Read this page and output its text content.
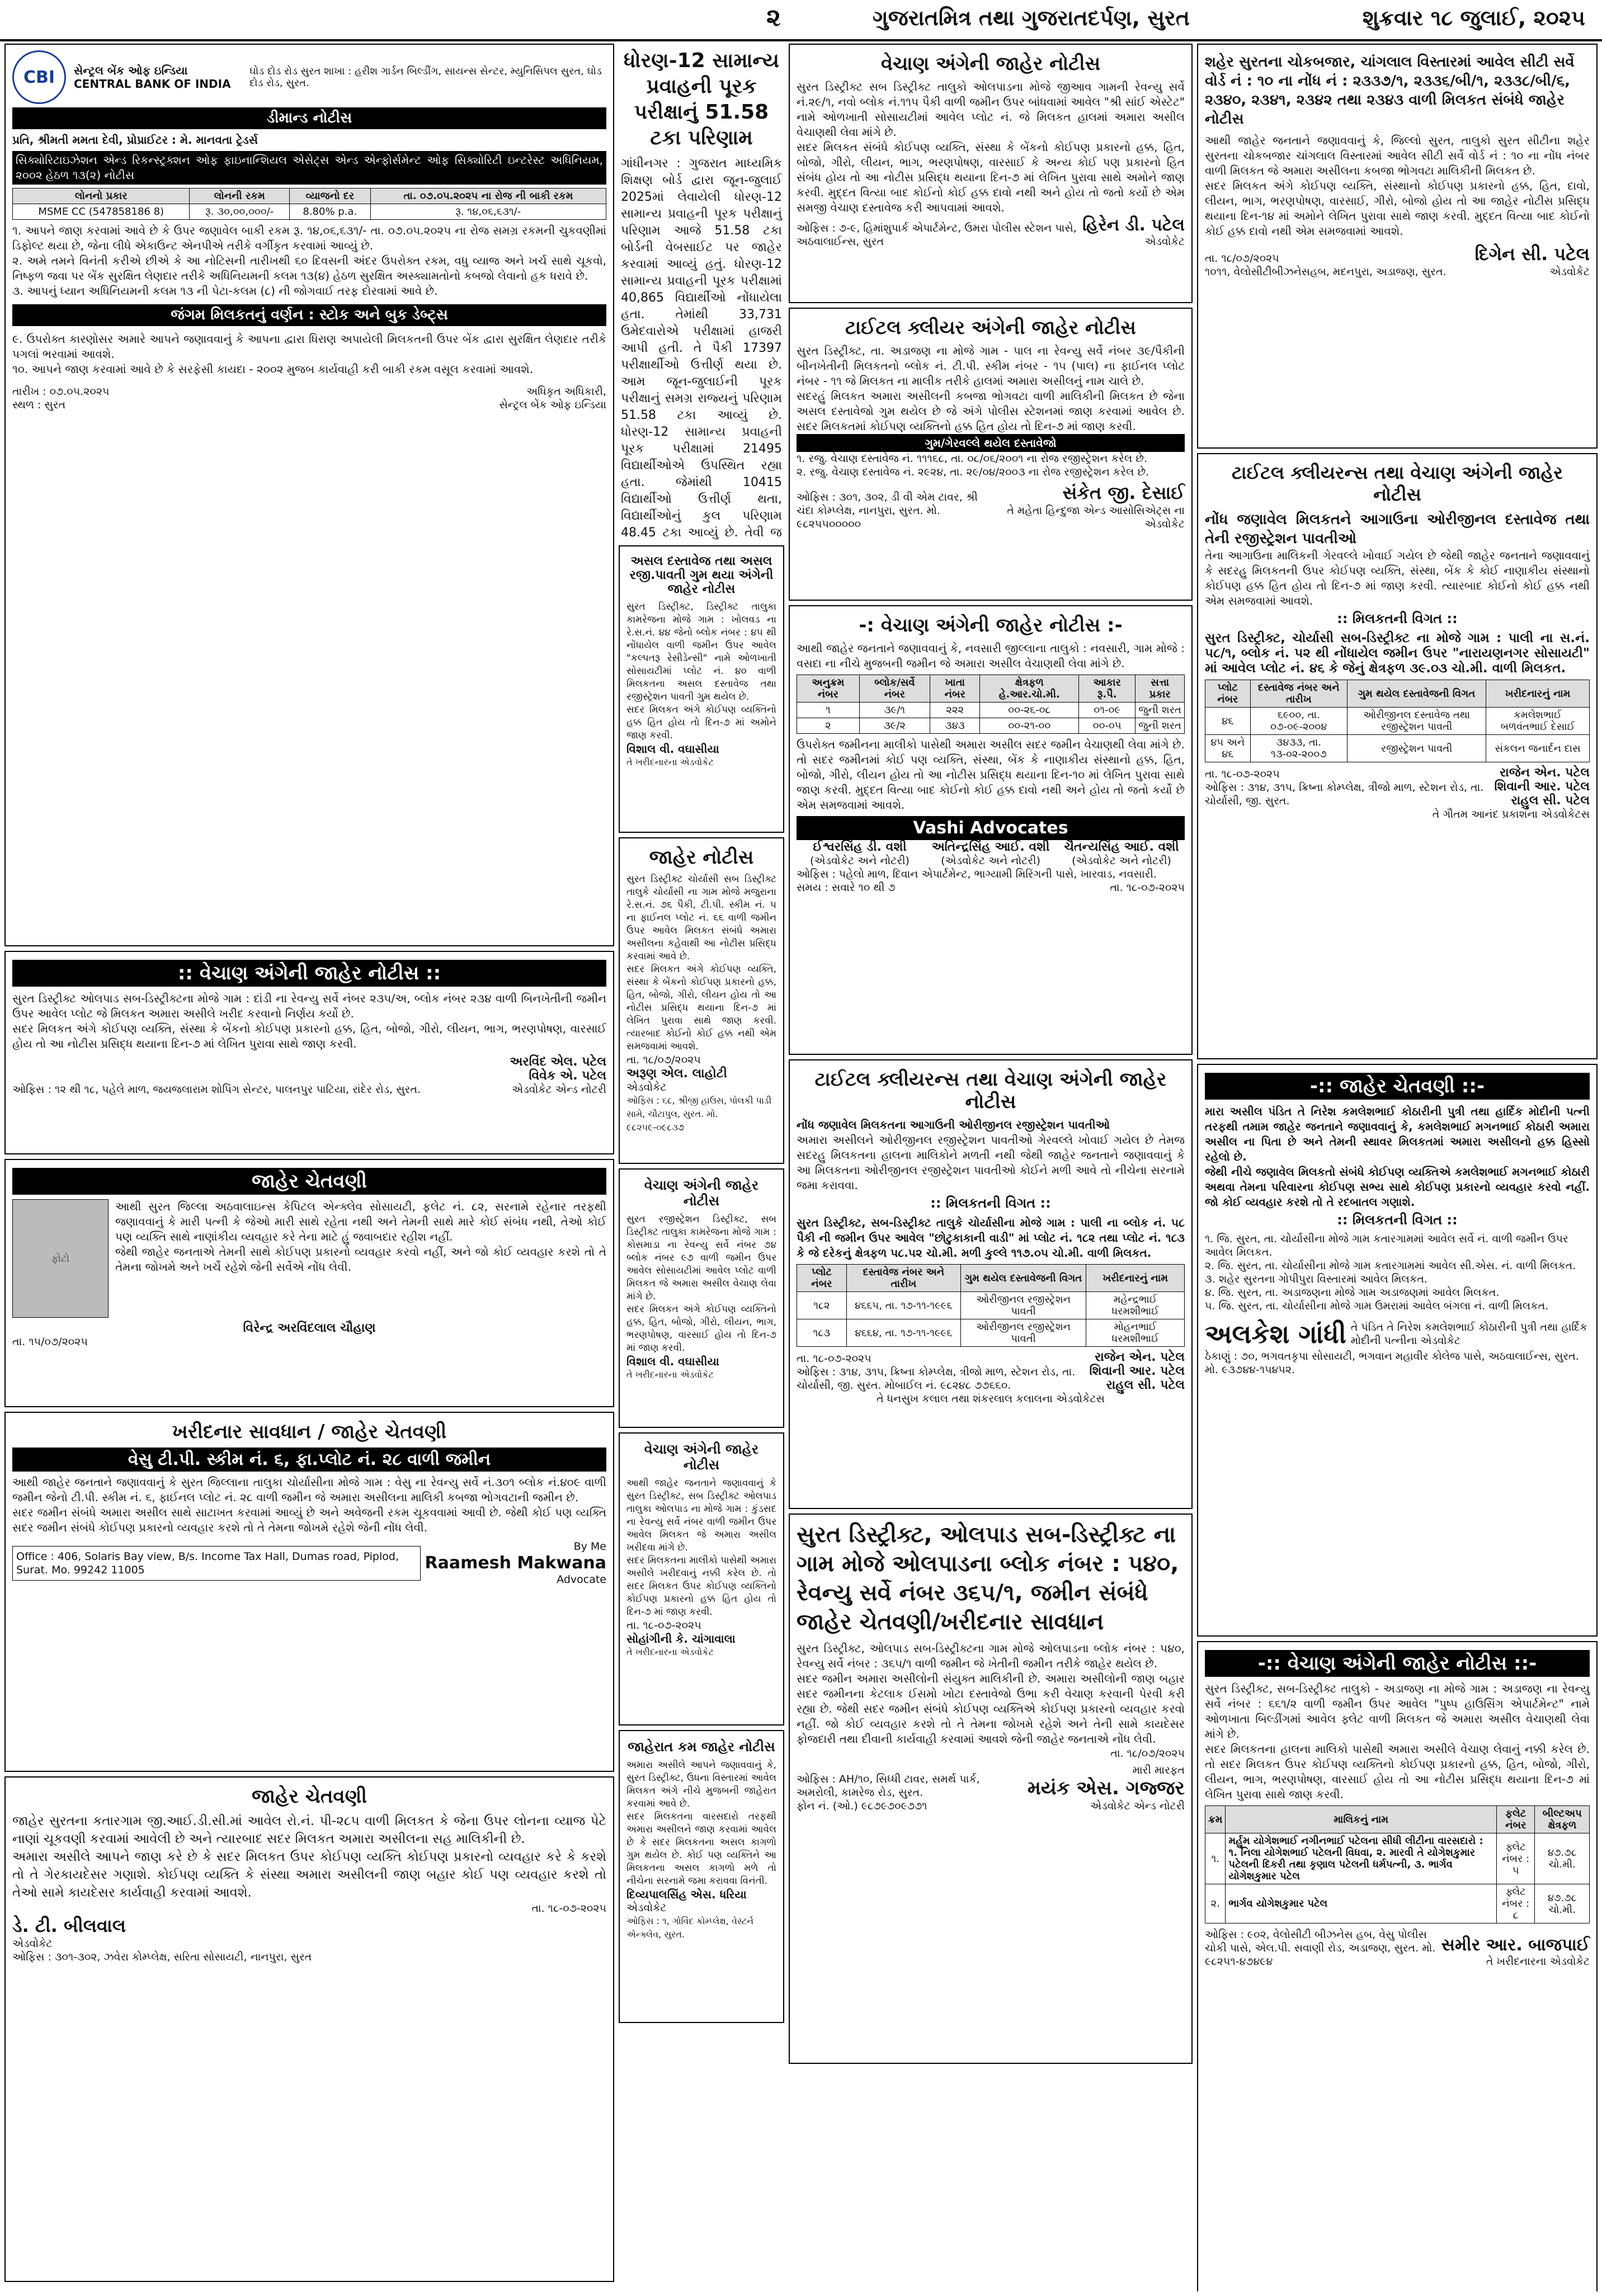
૨	ગુજરાતમિત્ર તથા ગુજરાતદર્પણ, સુરત	શુક્રવાર ૧૮ જુલાઈ, ૨૦૨૫
CBI	સેન્ટ્રલ બેંક ઓફ ઇન્ડિયા
CENTRAL BANK OF INDIA
ઘોડ દોડ રોડ સુરત શાખા : હરીશ ગાર્ડન બિલ્ડીંગ, સાયન્સ સેન્ટર, મ્યુનિસિપલ સુરત, ઘોડ દોડ રોડ, સુરત.
ડીમાન્ડ નોટીસ
પ્રતિ, શ્રીમતી મમતા દેવી, પ્રોપ્રાઈટર : મે. માનવતા ટ્રેડર્સ
સિક્યોરિટાઇઝેશન એન્ડ રિકન્સ્ટ્રક્શન ઓફ ફાઇનાન્શિયલ એસેટ્સ એન્ડ એન્ફોર્સમેન્ટ ઓફ સિક્યોરિટી ઇન્ટરેસ્ટ અધિનિયમ, ૨૦૦૨ હેઠળ ૧૩(૨) નોટીસ
લોનનો પ્રકાર	લોનની રકમ	વ્યાજનો દર	તા. ૦૭.૦૫.૨૦૨૫ ના રોજ ની બાકી રકમ
MSME CC (547858186 8)	રૂ. ૩૦,૦૦,૦૦૦/-	8.80% p.a.	રૂ. ૧૪,૦૬,૬૩૧/-
૧. આપને જાણ કરવામાં આવે છે કે ઉપર જણાવેલ બાકી રકમ રૂ. ૧૪,૦૬,૬૩૧/- તા. ૦૭.૦૫.૨૦૨૫ ના રોજ સમગ્ર રકમની ચુકવણીમાં ડિફોલ્ટ થયા છે, જેના લીધે એકાઉન્ટ એનપીએ તરીકે વર્ગીકૃત કરવામાં આવ્યું છે.
૨. અમે તમને વિનંતી કરીએ છીએ કે આ નોટિસની તારીખથી ૬૦ દિવસની અંદર ઉપરોક્ત રકમ, વધુ વ્યાજ અને ખર્ચ સાથે ચૂકવો, નિષ્ફળ જવા પર બેંક સુરક્ષિત લેણદાર તરીકે અધિનિયમની કલમ ૧૩(૪) હેઠળ સુરક્ષિત અસ્ક્યામતોનો કબજો લેવાનો હક ધરાવે છે.
૩. આપનું ધ્યાન અધિનિયમની કલમ ૧૩ ની પેટા-કલમ (૮) ની જોગવાઈ તરફ દોરવામાં આવે છે.
જંગમ મિલકતનું વર્ણન : સ્ટોક અને બુક ડેબ્ટ્સ
૯. ઉપરોક્ત કારણોસર અમારે આપને જણાવવાનું કે આપના દ્વારા ધિરાણ અપાયેલી મિલકતની ઉપર બેંક દ્વારા સુરક્ષિત લેણદાર તરીકે પગલાં ભરવામાં આવશે.
૧૦. આપને જાણ કરવામાં આવે છે કે સરફેસી કાયદા - ૨૦૦૨ મુજબ કાર્યવાહી કરી બાકી રકમ વસૂલ કરવામાં આવશે.
તારીખ : ૦૭.૦૫.૨૦૨૫
સ્થળ : સુરત
અધિકૃત અધિકારી,
સેન્ટ્રલ બેંક ઓફ ઇન્ડિયા
:: વેચાણ અંગેની જાહેર નોટીસ ::
સુરત ડિસ્ટ્રીક્ટ ઓલપાડ સબ-ડિસ્ટ્રીક્ટના મોજે ગામ : દાંડી ના રેવન્યુ સર્વે નંબર ૨૩૫/અ, બ્લોક નંબર ૨૩૪ વાળી બિનખેતીની જમીન ઉપર આવેલ પ્લોટ જે મિલકત અમારા અસીલે ખરીદ કરવાનો નિર્ણય કર્યો છે.
સદર મિલકત અંગે કોઈપણ વ્યક્તિ, સંસ્થા કે બેંકનો કોઈપણ પ્રકારનો હક્ક, હિત, બોજો, ગીરો, લીયન, ભાગ, ભરણપોષણ, વારસાઈ હોય તો આ નોટીસ પ્રસિદ્ધ થયાના દિન-૭ માં લેખિત પુરાવા સાથે જાણ કરવી.
ઓફિસ : ૧૨ થી ૧૮, પહેલે માળ, જયજલારામ શોપિંગ સેન્ટર, પાલનપુર પાટિયા, રાંદેર રોડ, સુરત.
અરવિંદ એલ. પટેલ
વિવેક એ. પટેલ
એડવોકેટ એન્ડ નોટરી
જાહેર ચેતવણી
ફોટો
આથી સુરત જિલ્લા અઠવાલાઇન્સ કેપિટલ એન્ક્લેવ સોસાયટી, ફલેટ નં. ૮૨, સરનામે રહેનાર તરફથી જણાવવાનું કે મારી પત્ની કે જેઓ મારી સાથે રહેતા નથી અને તેમની સાથે મારે કોઈ સંબંધ નથી, તેઓ કોઈ પણ વ્યક્તિ સાથે નાણાંકીય વ્યવહાર કરે તેના માટે હું જવાબદાર રહીશ નહીં.
જેથી જાહેર જનતાએ તેમની સાથે કોઈપણ પ્રકારનો વ્યવહાર કરવો નહીં, અને જો કોઈ વ્યવહાર કરશે તો તે તેમના જોખમે અને ખર્ચે રહેશે જેની સર્વેએ નોંધ લેવી.
વિરેન્દ્ર અરવિંદલાલ ચૌહાણ
તા. ૧૫/૦૭/૨૦૨૫
ખરીદનાર સાવધાન / જાહેર ચેતવણી
વેસુ ટી.પી. સ્કીમ નં. ૬, ફા.પ્લોટ નં. ૨૮ વાળી જમીન
આથી જાહેર જનતાને જણાવવાનું કે સુરત જિલ્લાના તાલુકા ચોર્યાસીના મોજે ગામ : વેસુ ના રેવન્યુ સર્વે નં.૩૦૧ બ્લોક નં.૪૦૯ વાળી જમીન જેનો ટી.પી. સ્કીમ નં. ૬, ફાઈનલ પ્લોટ નં. ૨૮ વાળી જમીન જે અમારા અસીલના માલિકી કબજા ભોગવટાની જમીન છે.
સદર જમીન સંબંધે અમારા અસીલ સાથે સાટાખત કરવામાં આવ્યું છે અને અવેજની રકમ ચૂકવવામાં આવી છે. જેથી કોઈ પણ વ્યક્તિ સદર જમીન સંબંધે કોઈપણ પ્રકારનો વ્યવહાર કરશે તો તે તેમના જોખમે રહેશે જેની નોંધ લેવી.
Office : 406, Solaris Bay view, B/s. Income Tax Hall, Dumas road, Piplod, Surat. Mo. 99242 11005
By Me
Raamesh Makwana
Advocate
જાહેર ચેતવણી
જાહેર સુરતના કતારગામ જી.આઈ.ડી.સી.માં આવેલ રો.નં. પી-૨૮૫ વાળી મિલકત કે જેના ઉપર લોનના વ્યાજ પેટે નાણાં ચૂકવણી કરવામાં આવેલી છે અને ત્યારબાદ સદર મિલકત અમારા અસીલના સહ માલિકીની છે.
અમારા અસીલે આપને જાણ કરે છે કે સદર મિલકત ઉપર કોઈપણ વ્યક્તિ કોઈપણ પ્રકારનો વ્યવહાર કરે કે કરશે તો તે ગેરકાયદેસર ગણાશે. કોઈપણ વ્યક્તિ કે સંસ્થા અમારા અસીલની જાણ બહાર કોઈ પણ વ્યવહાર કરશે તો તેઓ સામે કાયદેસર કાર્યવાહી કરવામાં આવશે.
તા. ૧૮-૦૭-૨૦૨૫
ડે. ટી. બીલવાલ
એડવોકેટ
ઓફિસ : ૩૦૧-૩૦૨, ઝવેરા કોમ્પ્લેક્ષ, સરિતા સોસાયટી, નાનપુરા, સુરત
ધોરણ-12 સામાન્ય પ્રવાહની પૂરક પરીક્ષાનું 51.58 ટકા પરિણામ
ગાંધીનગર : ગુજરાત માધ્યમિક શિક્ષણ બોર્ડ દ્વારા જૂન-જુલાઈ 2025માં લેવાયેલી ધોરણ-12 સામાન્ય પ્રવાહની પૂરક પરીક્ષાનું પરિણામ આજે 51.58 ટકા બોર્ડની વેબસાઈટ પર જાહેર કરવામાં આવ્યું હતું. ધોરણ-12 સામાન્ય પ્રવાહની પૂરક પરીક્ષામાં 40,865 વિદ્યાર્થીઓ નોંધાયેલા હતા. તેમાંથી 33,731 ઉમેદવારોએ પરીક્ષામાં હાજરી આપી હતી. તે પૈકી 17397 પરીક્ષાર્થીઓ ઉત્તીર્ણ થયા છે. આમ જૂન-જુલાઈની પૂરક પરીક્ષાનું સમગ્ર રાજ્યનું પરિણામ 51.58 ટકા આવ્યું છે. ધોરણ-12 સામાન્ય પ્રવાહની પૂરક પરીક્ષામાં 21495 વિદ્યાર્થીઓએ ઉપસ્થિત રહ્યા હતા. જેમાંથી 10415 વિદ્યાર્થીઓ ઉત્તીર્ણ થતા, વિદ્યાર્થીઓનું કુલ પરિણામ 48.45 ટકા આવ્યું છે. તેવી જ
અસલ દસ્તાવેજ તથા અસલ રજી.પાવતી ગુમ થયા અંગેની જાહેર નોટીસ
સુરત ડિસ્ટ્રીક્ટ, ડિસ્ટ્રીક્ટ તાલુકા કામરેજના મોજે ગામ : ખોલવડ ના રે.સ.નં. ૪૪ જેનો બ્લોક નંબર : ૪૫ થી નોંધાયેલ વાળી જમીન ઉપર આવેલ "કલ્પતરૂ રેસીડેન્સી" નામે ઓળખાતી સોસાયટીમાં પ્લોટ નં. ૪૦ વાળી મિલકતના અસલ દસ્તાવેજ તથા રજીસ્ટ્રેશન પાવતી ગુમ થયેલ છે.
સદર મિલકત અંગે કોઈપણ વ્યક્તિનો હક્ક હિત હોય તો દિન-૭ માં અમોને જાણ કરવી.
વિશાલ વી. વઘાસીયા
તે ખરીદનારના એડવોકેટ
જાહેર નોટીસ
સુરત ડિસ્ટ્રીક્ટ ચોર્યાસી સબ ડિસ્ટ્રીક્ટ તાલુકે ચોર્યાસી ના ગામ મોજે મજુરાના રે.સ.નં. ૭૬ પૈકી, ટી.પી. સ્કીમ નં. ૫ ના ફાઈનલ પ્લોટ નં. ૬૬ વાળી જમીન ઉપર આવેલ મિલકત સંબંધે અમારા અસીલના કહેવાથી આ નોટીસ પ્રસિદ્ધ કરવામાં આવે છે.
સદર મિલકત અંગે કોઈપણ વ્યક્તિ, સંસ્થા કે બેંકનો કોઈપણ પ્રકારનો હક્ક, હિત, બોજો, ગીરો, લીયન હોય તો આ નોટીસ પ્રસિદ્ધ થયાના દિન-૭ માં લેખિત પુરાવા સાથે જાણ કરવી. ત્યારબાદ કોઈનો કોઈ હક્ક નથી એમ સમજવામાં આવશે.
તા. ૧૮/૦૭/૨૦૨૫
અરૂણ એલ. લાહોટી
એડવોકેટ
ઓફિસ : ૬૮, શ્રીજી હાઉસ, પોલકી પાડી સામે, ચૌટાપુલ, સુરત. મો. ૯૮૨૫૯-૦૯૮૩૭
વેચાણ અંગેની જાહેર નોટીસ
સુરત રજીસ્ટ્રેશન ડિસ્ટ્રીક્ટ, સબ ડિસ્ટ્રીક્ટ તાલુકા કામરેજના મોજે ગામ : કોસમાડા ના રેવન્યુ સર્વે નંબર ૭૪ બ્લોક નંબર ૯૭ વાળી જમીન ઉપર આવેલ સોસાયટીમાં આવેલ પ્લોટ વાળી મિલકત જે અમારા અસીલ વેચાણ લેવા માંગે છે.
સદર મિલકત અંગે કોઈપણ વ્યક્તિનો હક્ક, હિત, બોજો, ગીરો, લીયન, ભાગ, ભરણપોષણ, વારસાઈ હોય તો દિન-૭ માં જાણ કરવી.
વિશાલ વી. વઘાસીયા
તે ખરીદનારના એડવોકેટ
વેચાણ અંગેની જાહેર નોટીસ
આથી જાહેર જનતાને જણાવવાનું કે સુરત ડિસ્ટ્રીક્ટ, સબ ડિસ્ટ્રીક્ટ ઓલપાડ તાલુકા ઓલપાડ ના મોજે ગામ : કુંડસદ ના રેવન્યુ સર્વે નંબર વાળી જમીન ઉપર આવેલ મિલકત જે અમારા અસીલ ખરીદવા માંગે છે.
સદર મિલકતના માલીકો પાસેથી અમારા અસીલે ખરીદવાનું નક્કી કરેલ છે. તો સદર મિલકત ઉપર કોઈપણ વ્યક્તિનો કોઈપણ પ્રકારનો હક્ક હિત હોય તો દિન-૭ માં જાણ કરવી.
તા. ૧૮-૦૭-૨૦૨૫
સોહાંગીની કે. ચાંગાવાલા
તે ખરીદનારના એડવોકેટ
જાહેરાત કમ જાહેર નોટીસ
અમારા અસીલે આપને જણાવવાનું કે, સુરત ડિસ્ટ્રીક્ટ, ઉધના વિસ્તારમાં આવેલ મિલકત અંગે નીચે મુજબની જાહેરાત કરવામાં આવે છે.
સદર મિલકતના વારસદારો તરફથી અમારા અસીલને જાણ કરવામાં આવેલ છે કે સદર મિલકતના અસલ કાગળો ગુમ થયેલ છે. કોઈ પણ વ્યક્તિને આ મિલકતના અસલ કાગળો મળે તો નીચેના સરનામે જમા કરાવવા વિનંતી.
દિવ્યપાલસિંહ એસ. ધરિયા
એડવોકેટ
ઓફિસ : ૧, ગોવિંદ કોમ્પ્લેક્ષ, વેસ્ટર્ન એન્ક્લેવ, સુરત.
વેચાણ અંગેની જાહેર નોટીસ
સુરત ડિસ્ટ્રીક્ટ સબ ડિસ્ટ્રીક્ટ તાલુકો ઓલપાડના મોજે જીઆવ ગામની રેવન્યુ સર્વે નં.૨૯/૧, નવો બ્લોક નં.૧૧૫ પૈકી વાળી જમીન ઉપર બાંધવામાં આવેલ "શ્રી સાંઈ એસ્ટેટ" નામે ઓળખાતી સોસાયટીમાં આવેલ પ્લોટ નં. જે મિલકત હાલમાં અમારા અસીલ વેચાણથી લેવા માંગે છે.
સદર મિલકત સંબંધે કોઈપણ વ્યક્તિ, સંસ્થા કે બેંકનો કોઈપણ પ્રકારનો હક્ક, હિત, બોજો, ગીરો, લીયન, ભાગ, ભરણપોષણ, વારસાઈ કે અન્ય કોઈ પણ પ્રકારનો હિત સંબંધ હોય તો આ નોટીસ પ્રસિદ્ધ થયાના દિન-૭ માં લેખિત પુરાવા સાથે અમોને જાણ કરવી. મુદ્દત વિત્યા બાદ કોઈનો કોઈ હક્ક દાવો નથી અને હોય તો જતો કર્યો છે એમ સમજી વેચાણ દસ્તાવેજ કરી આપવામાં આવશે.
ઓફિસ : ૭-૯, હિમાંશુપાર્ક એપાર્ટમેન્ટ, ઉમરા પોલીસ સ્ટેશન પાસે, અઠવાલાઈન્સ, સુરત
હિરેન ડી. પટેલ
એડવોકેટ
ટાઈટલ ક્લીયર અંગેની જાહેર નોટીસ
સુરત ડિસ્ટ્રીક્ટ, તા. અડાજણ ના મોજે ગામ - પાલ ના રેવન્યુ સર્વે નંબર ૩૯/પૈકીની બીનખેતીની મિલકતનો બ્લોક નં. ટી.પી. સ્કીમ નંબર - ૧૫ (પાલ) ના ફાઈનલ પ્લોટ નંબર - ૧૧ જે મિલકત ના માલીક તરીકે હાલમાં અમારા અસીલનું નામ ચાલે છે.
સદરહું મિલકત અમારા અસીલની કબજા ભોગવટા વાળી માલિકીની મિલકત છે જેના અસલ દસ્તાવેજો ગુમ થયેલ છે જે અંગે પોલીસ સ્ટેશનમાં જાણ કરવામાં આવેલ છે. સદર મિલકતમાં કોઈપણ વ્યક્તિનો હક્ક હિત હોય તો દિન-૭ માં જાણ કરવી.
ગુમ/ગેરવલ્લે થયેલ દસ્તાવેજો
૧. રજુ. વેચાણ દસ્તાવેજ નં. ૧૧૧૬૮, તા. ૦૮/૦૬/૨૦૦૧ ના રોજ રજીસ્ટ્રેશન કરેલ છે.
૨. રજુ. વેચાણ દસ્તાવેજ નં. ૨૯૨૪, તા. ૨૯/૦૪/૨૦૦૩ ના રોજ રજીસ્ટ્રેશન કરેલ છે.
ઓફિસ : ૩૦૧, ૩૦૨, ડી વી એમ ટાવર, શ્રી ચંદા કોમ્પ્લેક્ષ, નાનપુરા, સુરત. મો. ૯૮૨૫૫૦૦૦૦૦
સંકેત જી. દેસાઈ
તે મહેતા હિન્દુજા એન્ડ આસોસિએટ્સ ના એડવોકેટ
-: વેચાણ અંગેની જાહેર નોટીસ :-
આથી જાહેર જનતાને જણાવવાનું કે, નવસારી જીલ્લાના તાલુકો : નવસારી, ગામ મોજે : વસદા ના નીચે મુજબની જમીન જે અમારા અસીલ વેચાણથી લેવા માંગે છે.
અનુક્રમ નંબર	બ્લોક/સર્વે નંબર	ખાતા નંબર	ક્ષેત્રફળ હે.આર.ચો.મી.	આકાર રૂ.પૈ.	સત્તા પ્રકાર
૧	૩૯/૧	૨૨૨	૦૦-૨૬-૦૮	૦૧-૦૯	જુની શરત
૨	૩૯/૨	૩૪૩	૦૦-૨૧-૦૦	૦૦-૦૫	જુની શરત
ઉપરોક્ત જમીનના માલીકો પાસેથી અમારા અસીલ સદર જમીન વેચાણથી લેવા માંગે છે. તો સદર જમીનમાં કોઈ પણ વ્યક્તિ, સંસ્થા, બેંક કે નાણાકીય સંસ્થાનો હક્ક, હિત, બોજો, ગીરો, લીયન હોય તો આ નોટીસ પ્રસિદ્ધ થયાના દિન-૧૦ માં લેખિત પુરાવા સાથે જાણ કરવી. મુદ્દત વિત્યા બાદ કોઈનો કોઈ હક્ક દાવો નથી અને હોય તો જતો કર્યો છે એમ સમજવામાં આવશે.
Vashi Advocates
ઈશ્વરસિંહ ડી. વશી
(એડવોકેટ અને નોટરી)
અતિન્દ્રસિંહ આઈ. વશી
(એડવોકેટ અને નોટરી)
ચૈતન્યસિંહ આઈ. વશી
(એડવોકેટ અને નોટરી)
ઓફિસ : પહેલો માળ, દિવાન એપાર્ટમેન્ટ, ભાગ્યામી મિરિંગની પાસે, ખારવાડ, નવસારી.
સમય : સવારે ૧૦ થી ૭	તા. ૧૮-૦૭-૨૦૨૫
ટાઈટલ ક્લીયરન્સ તથા વેચાણ અંગેની જાહેર નોટીસ
નોંધ જણાવેલ મિલકતના આગાઉની ઓરીજીનલ રજીસ્ટ્રેશન પાવતીઓ
અમારા અસીલને ઓરીજીનલ રજીસ્ટ્રેશન પાવતીઓ ગેરવલ્લે ખોવાઈ ગયેલ છે તેમજ સદરહુ મિલકતના હાલના માલિકોને મળતી નથી જેથી જાહેર જનતાને જણાવવાનું કે આ મિલકતના ઓરીજીનલ રજીસ્ટ્રેશન પાવતીઓ કોઈને મળી આવે તો નીચેના સરનામે જમા કરાવવા.
:: મિલકતની વિગત ::
સુરત ડિસ્ટ્રીક્ટ, સબ-ડિસ્ટ્રીક્ટ તાલુકે ચોર્યાસીના મોજે ગામ : પાલી ના બ્લોક નં. ૫૮ પૈકી ની જમીન ઉપર આવેલ "છોટુકાકાની વાડી" માં પ્લોટ નં. ૧૮૨ તથા પ્લોટ નં. ૧૮૩ કે જે દરેકનું ક્ષેત્રફળ ૫૮.૫૨ ચો.મી. મળી કુલ્લે ૧૧૭.૦૫ ચો.મી. વાળી મિલકત.
પ્લોટ નંબર	દસ્તાવેજ નંબર અને તારીખ	ગુમ થયેલ દસ્તાવેજની વિગત	ખરીદનારનું નામ
૧૮૨	૪૬૬૫, તા. ૧૭-૧૧-૧૯૯૬	ઓરીજીનલ રજીસ્ટ્રેશન પાવતી	મહેન્દ્રભાઈ ધરમશીભાઈ
૧૮૩	૪૬૬૪, તા. ૧૭-૧૧-૧૯૯૬	ઓરીજીનલ રજીસ્ટ્રેશન પાવતી	મોહનભાઈ ધરમશીભાઈ
તા. ૧૮-૦૭-૨૦૨૫
ઓફિસ : ૩૧૪, ૩૧૫, ક્રિષ્ના કોમ્પ્લેક્ષ, ત્રીજો માળ, સ્ટેશન રોડ, તા. ચોર્યાસી, જી. સુરત. મોબાઈલ નં. ૯૮૨૪૮ ૭૭૬૬૦.
રાજેન એન. પટેલ
શિવાની આર. પટેલ
રાહુલ સી. પટેલ
તે ધનસુખ કલાલ તથા શંકરલાલ કલાલના એડવોકેટસ
સુરત ડિસ્ટ્રીક્ટ, ઓલપાડ સબ-ડિસ્ટ્રીક્ટ ના ગામ મોજે ઓલપાડના બ્લોક નંબર : ૫૪૦, રેવન્યુ સર્વે નંબર ૩૬૫/૧, જમીન સંબંધે જાહેર ચેતવણી/ખરીદનાર સાવધાન
સુરત ડિસ્ટ્રીક્ટ, ઓલપાડ સબ-ડિસ્ટ્રીક્ટના ગામ મોજે ઓલપાડના બ્લોક નંબર : ૫૪૦, રેવન્યુ સર્વે નંબર : ૩૬૫/૧ વાળી જમીન જે ખેતીની જમીન તરીકે જાહેર થયેલ છે.
સદર જમીન અમારા અસીલોની સંયુક્ત માલિકીની છે. અમારા અસીલોની જાણ બહાર સદર જમીનના કેટલાક ઈસમો ખોટા દસ્તાવેજો ઉભા કરી વેચાણ કરવાની પેરવી કરી રહ્યા છે. જેથી સદર જમીન સંબંધે કોઈપણ વ્યક્તિએ કોઈપણ પ્રકારનો વ્યવહાર કરવો નહીં. જો કોઈ વ્યવહાર કરશે તો તે તેમના જોખમે રહેશે અને તેની સામે કાયદેસર ફોજદારી તથા દીવાની કાર્યવાહી કરવામાં આવશે જેની જાહેર જનતાએ નોંધ લેવી.
તા. ૧૮/૦૭/૨૦૨૫
ઓફિસ : AH/૧૦, સિધ્ધી ટાવર, સમર્થ પાર્ક, અમરોલી, કામરેજ રોડ, સુરત.
ફોન નં. (ઓ.) ૯૮૭૯૭૦૯૭૭૧
મારી મારફત
મયંક એસ. ગજ્જર
એડવોકેટ એન્ડ નોટરી
શહેર સુરતના ચોકબજાર, ચાંગલાલ વિસ્તારમાં આવેલ સીટી સર્વે વોર્ડ નં : ૧૦ ના નોંધ નં : ૨૩૩૭/૧, ૨૩૩૬/બી/૧, ૨૩૩૮/બી/૬, ૨૩૪૦, ૨૩૪૧, ૨૩૪૨ તથા ૨૩૪૩ વાળી મિલકત સંબંધે જાહેર નોટીસ
આથી જાહેર જનતાને જણાવવાનું કે, જિલ્લો સુરત, તાલુકો સુરત સીટીના શહેર સુરતના ચોકબજાર ચાંગલાલ વિસ્તારમાં આવેલ સીટી સર્વે વોર્ડ નં : ૧૦ ના નોંધ નંબર વાળી મિલકત જે અમારા અસીલના કબજા ભોગવટા માલિકીની મિલકત છે.
સદર મિલકત અંગે કોઈપણ વ્યક્તિ, સંસ્થાનો કોઈપણ પ્રકારનો હક્ક, હિત, દાવો, લીયન, ભાગ, ભરણપોષણ, વારસાઈ, ગીરો, બોજો હોય તો આ જાહેર નોટીસ પ્રસિદ્ધ થયાના દિન-૧૪ માં અમોને લેખિત પુરાવા સાથે જાણ કરવી. મુદ્દત વિત્યા બાદ કોઈનો કોઈ હક્ક દાવો નથી એમ સમજવામાં આવશે.
તા. ૧૮/૦૭/૨૦૨૫
૧૦૧૧, વેલોસીટીબીઝનેસહબ, મદનપુરા, અડાજણ, સુરત.
દિગેન સી. પટેલ
એડવોકેટ
ટાઈટલ ક્લીયરન્સ તથા વેચાણ અંગેની જાહેર નોટીસ
નોંધ જણાવેલ મિલકતને આગાઉના ઓરીજીનલ દસ્તાવેજ તથા તેની રજીસ્ટ્રેશન પાવતીઓ
તેના આગાઉના માલિકની ગેરવલ્લે ખોવાઈ ગયેલ છે જેથી જાહેર જનતાને જણાવવાનું કે સદરહુ મિલકતની ઉપર કોઈપણ વ્યક્તિ, સંસ્થા, બેંક કે કોઈ નાણાકીય સંસ્થાનો કોઈપણ હક્ક હિત હોય તો દિન-૭ માં જાણ કરવી. ત્યારબાદ કોઈનો કોઈ હક્ક નથી એમ સમજવામાં આવશે.
:: મિલકતની વિગત ::
સુરત ડિસ્ટ્રીક્ટ, ચોર્યાસી સબ-ડિસ્ટ્રીક્ટ ના મોજે ગામ : પાલી ના સ.નં. ૫૮/૧, બ્લોક નં. ૫૨ થી નોંધાયેલ જમીન ઉપર "નારાયણનગર સોસાયટી" માં આવેલ પ્લોટ નં. ૪૬ કે જેનું ક્ષેત્રફળ ૩૯.૦૩ ચો.મી. વાળી મિલકત.
પ્લોટ નંબર	દસ્તાવેજ નંબર અને તારીખ	ગુમ થયેલ દસ્તાવેજની વિગત	ખરીદનારનું નામ
૪૬	૬૯૦૦, તા. ૦૭-૦૯-૨૦૦૪	ઓરીજીનલ દસ્તાવેજ તથા રજીસ્ટ્રેશન પાવતી	કમલેશભાઈ બળવંતભાઈ દેસાઈ
૪૫ અને ૪૬	૩૪૩૩, તા. ૧૩-૦૨-૨૦૦૭	રજીસ્ટ્રેશન પાવતી	સંકલન જનાર્દન દાસ
તા. ૧૮-૦૭-૨૦૨૫
ઓફિસ : ૩૧૪, ૩૧૫, ક્રિષ્ના કોમ્પ્લેક્ષ, ત્રીજો માળ, સ્ટેશન રોડ, તા. ચોર્યાસી, જી. સુરત.
રાજેન એન. પટેલ
શિવાની આર. પટેલ
રાહુલ સી. પટેલ
તે ગૌતમ આનંદ પ્રકાશના એડવોકેટસ
-:: જાહેર ચેતવણી ::-
મારા અસીલ પંડિત તે નિરેશ કમલેશભાઈ કોઠારીની પુત્રી તથા હાર્દિક મોદીની પત્ની તરફથી તમામ જાહેર જનતાને જણાવવાનું કે, કમલેશભાઈ મગનભાઈ કોઠારી અમારા અસીલ ના પિતા છે અને તેમની સ્થાવર મિલકતમાં અમારા અસીલનો હક્ક હિસ્સો રહેલો છે.
જેથી નીચે જણાવેલ મિલકતો સંબંધે કોઈપણ વ્યક્તિએ કમલેશભાઈ મગનભાઈ કોઠારી અથવા તેમના પરિવારના કોઈપણ સભ્ય સાથે કોઈપણ પ્રકારનો વ્યવહાર કરવો નહીં. જો કોઈ વ્યવહાર કરશે તો તે રદબાતલ ગણાશે.
:: મિલકતની વિગત ::
૧. જિ. સુરત, તા. ચોર્યાસીના મોજે ગામ કતારગામમાં આવેલ સર્વે નં. વાળી જમીન ઉપર આવેલ મિલકત.
૨. જિ. સુરત, તા. ચોર્યાસીના મોજે ગામ કતારગામમાં આવેલ સી.એસ. નં. વાળી મિલકત.
૩. શહેર સુરતના ગોપીપુરા વિસ્તારમાં આવેલ મિલકત.
૪. જિ. સુરત, તા. અડાજણના મોજે ગામ અડાજણમાં આવેલ મિલકત.
૫. જિ. સુરત, તા. ચોર્યાસીના મોજે ગામ ઉમરામાં આવેલ બંગલા નં. વાળી મિલકત.
અલકેશ ગાંધી તે પંડિત તે નિરેશ કમલેશભાઈ કોઠારીની પુત્રી તથા હાર્દિક મોદીની પત્નીના એડવોકેટ
ઠેકાણું : ૭૦, ભગવતકૃપા સોસાયટી, ભગવાન મહાવીર કોલેજ પાસે, અઠવાલાઈન્સ, સુરત. મો. ૯૩૭૪૪-૧૫૪૫૨.
-:: વેચાણ અંગેની જાહેર નોટીસ ::-
સુરત ડિસ્ટ્રીક્ટ, સબ-ડિસ્ટ્રીક્ટ તાલુકો - અડાજણ ના મોજે ગામ : અડાજણ ના રેવન્યુ સર્વે નંબર : ૬૬૧/૨ વાળી જમીન ઉપર આવેલ "પુષ્પ હાઉસિંગ એપાર્ટમેન્ટ" નામે ઓળખાતા બિલ્ડીંગમાં આવેલ ફ્લેટ વાળી મિલકત જે અમારા અસીલ વેચાણથી લેવા માંગે છે.
સદર મિલકતના હાલના માલિકો પાસેથી અમારા અસીલે વેચાણ લેવાનું નક્કી કરેલ છે. તો સદર મિલકત ઉપર કોઈપણ વ્યક્તિનો કોઈપણ પ્રકારનો હક્ક, હિત, બોજો, ગીરો, લીયન, ભાગ, ભરણપોષણ, વારસાઈ હોય તો આ નોટીસ પ્રસિદ્ધ થયાના દિન-૭ માં લેખિત પુરાવા સાથે જાણ કરવી.
ક્રમ	માલિકનું નામ	ફલેટ નંબર	બીલ્ટઅપ ક્ષેત્રફળ
૧.	મર્હુમ યોગેશભાઈ નગીનભાઈ પટેલના સીધી લીટીના વારસદારો : ૧. નિલા યોગેશભાઈ પટેલની વિધવા, ૨. મારવી તે યોગેશકુમાર પટેલની દિકરી તથા કૃણાલ પટેલની ધર્મપત્ની, ૩. ભાર્ગવ યોગેશકુમાર પટેલ	ફ્લેટ નંબર : ૫	૪૭.૭૮ ચો.મી.
૨.	ભાર્ગવ યોગેશકુમાર પટેલ	ફ્લેટ નંબર : ૮	૪૭.૭૮ ચો.મી.
ઓફિસ : ૯૦૨, વેલોસીટી બીઝનેસ હબ, વેસુ પોલીસ ચોકી પાસે, એલ.પી. સવાણી રોડ, અડાજણ, સુરત. મો. ૯૮૨૫૧-૪૭૪૯૪
સમીર આર. બાજપાઈ
તે ખરીદનારના એડવોકેટ
